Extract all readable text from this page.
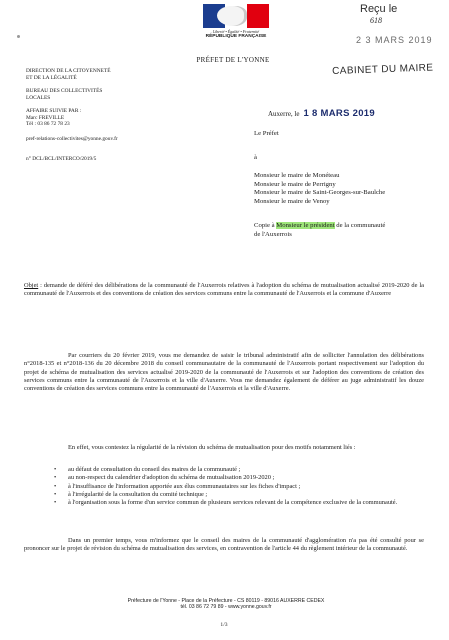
Liberté • Égalité • Fraternité
RÉPUBLIQUE FRANÇAISE
PRÉFET DE L'YONNE
Reçu le
618
2 3 MARS 2019
CABINET DU MAIRE
DIRECTION DE LA CITOYENNETÉ
ET DE LA LÉGALITÉ
BUREAU DES COLLECTIVITÉS
LOCALES
AFFAIRE SUIVIE PAR :
Marc FREVILLE
Tél : 03 86 72 78 23
pref-relations-collectivites@yonne.gouv.fr
n° DCL/BCL/INTERCO/2019/5
Auxerre, le 1 8 MARS 2019
Le Préfet
à
Monsieur le maire de Monéteau
Monsieur le maire de Perrigny
Monsieur le maire de Saint-Georges-sur-Baulche
Monsieur le maire de Venoy
Copie à Monsieur le président de la communauté
de l'Auxerrois
Objet : demande de déféré des délibérations de la communauté de l'Auxerrois relatives à l'adoption du schéma de mutualisation actualisé 2019-2020 de la communauté de l'Auxerrois et des conventions de création des services communs entre la communauté de l'Auxerrois et la commune d'Auxerre
Par courriers du 20 février 2019, vous me demandez de saisir le tribunal administratif afin de solliciter l'annulation des délibérations n°2018-135 et n°2018-136 du 20 décembre 2018 du conseil communautaire de la communauté de l'Auxerrois portant respectivement sur l'adoption du projet de schéma de mutualisation des services actualisé 2019-2020 de la communauté de l'Auxerrois et sur l'adoption des conventions de création des services communs entre la communauté de l'Auxerrois et la ville d'Auxerre. Vous me demandez également de déférer au juge administratif les douze conventions de création des services communs entre la communauté de l'Auxerrois et la ville d'Auxerre.
En effet, vous contestez la régularité de la révision du schéma de mutualisation pour des motifs notamment liés :
• au défaut de consultation du conseil des maires de la communauté ;
• au non-respect du calendrier d'adoption du schéma de mutualisation 2019-2020 ;
• à l'insuffisance de l'information apportée aux élus communautaires sur les fiches d'impact ;
• à l'irrégularité de la consultation du comité technique ;
• à l'organisation sous la forme d'un service commun de plusieurs services relevant de la compétence exclusive de la communauté.
Dans un premier temps, vous m'informez que le conseil des maires de la communauté d'agglomération n'a pas été consulté pour se prononcer sur le projet de révision du schéma de mutualisation des services, en contravention de l'article 44 du règlement intérieur de la communauté.
Préfecture de l'Yonne - Place de la Préfecture - CS 80119 - 89016 AUXERRE CEDEX
tél. 03 86 72 79 89 - www.yonne.gouv.fr
1/3
